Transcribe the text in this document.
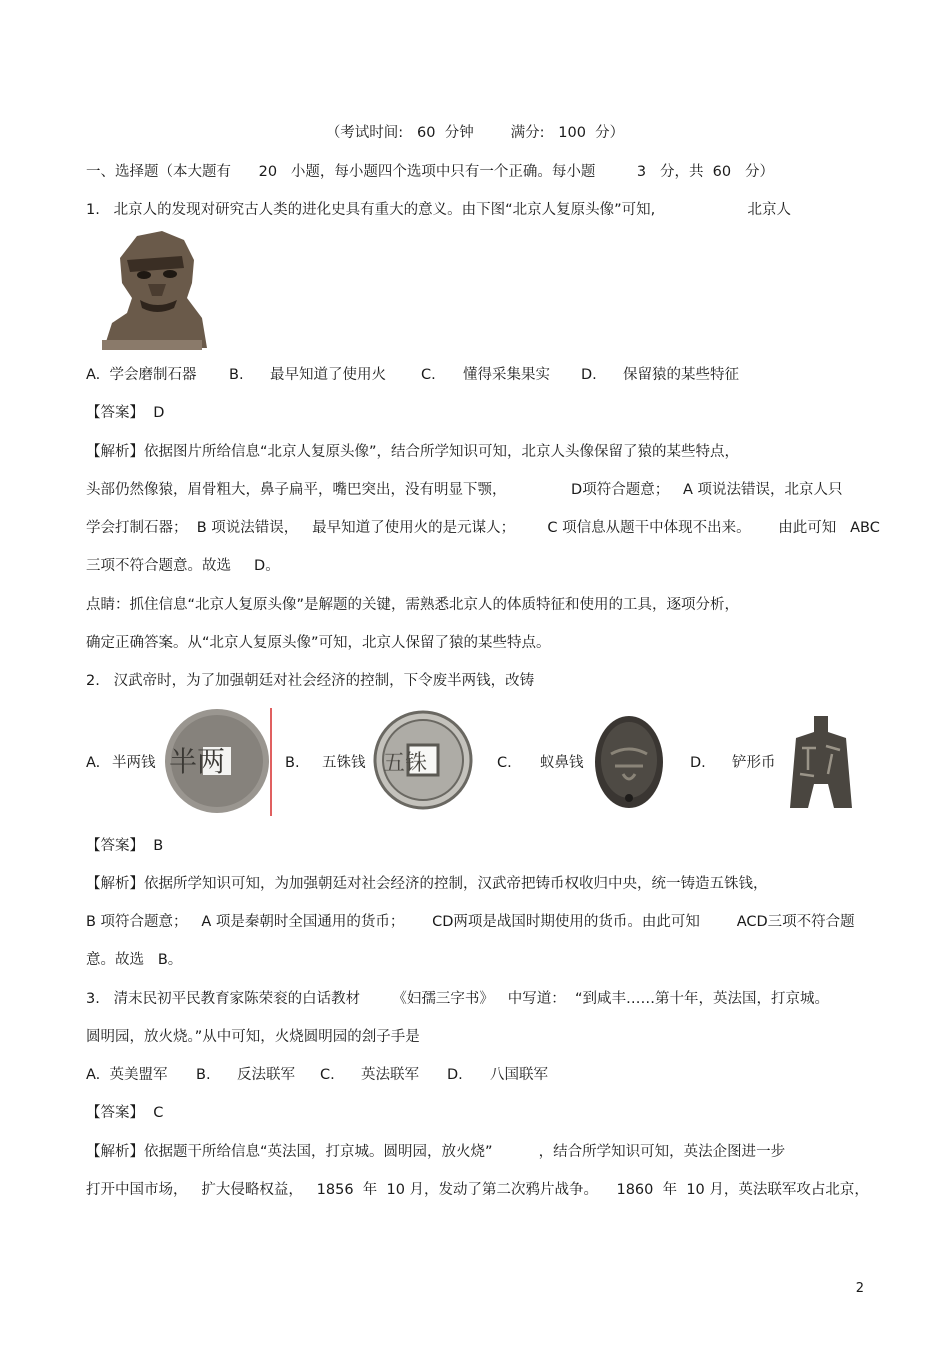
（考试时间:   60  分钟        满分:   100  分）
一、选择题（本大题有      20   小题，每小题四个选项中只有一个正确。每小题         3   分，共  60   分）
1.   北京人的发现对研究古人类的进化史具有重大的意义。由下图“北京人复原头像”可知,                    北京人
A.  学会磨制石器 B. 最早知道了使用火 C. 懂得采集果实 D. 保留猿的某些特征
【答案】  D
【解析】依据图片所给信息“北京人复原头像”，结合所学知识可知，北京人头像保留了猿的某些特点，
头部仍然像猿，眉骨粗大，鼻子扁平，嘴巴突出，没有明显下颚，              D项符合题意；   A 项说法错误，北京人只
学会打制石器；  B 项说法错误，   最早知道了使用火的是元谋人；       C 项信息从题干中体现不出来。      由此可知   ABC
三项不符合题意。故选     D。
点睛：抓住信息“北京人复原头像”是解题的关键，需熟悉北京人的体质特征和使用的工具，逐项分析，
确定正确答案。从“北京人复原头像”可知，北京人保留了猿的某些特点。
2.   汉武帝时，为了加强朝廷对社会经济的控制，下令废半两钱，改铸
A. 半两钱 半两	B. 五铢钱 五铢	C. 蚁鼻钱	D. 铲形币
【答案】  B
【解析】依据所学知识可知，为加强朝廷对社会经济的控制，汉武帝把铸币权收归中央，统一铸造五铢钱，
B 项符合题意；   A 项是秦朝时全国通用的货币；      CD两项是战国时期使用的货币。由此可知        ACD三项不符合题
意。故选   B。
3.   清末民初平民教育家陈荣衮的白话教材       《妇孺三字书》   中写道：  “到咸丰……第十年，英法国，打京城。
圆明园，放火烧。”从中可知，火烧圆明园的刽子手是
A.  英美盟军 B. 反法联军 C. 英法联军 D. 八国联军
【答案】  C
【解析】依据题干所给信息“英法国，打京城。圆明园，放火烧”          ，结合所学知识可知，英法企图进一步
打开中国市场，   扩大侵略权益，   1856  年  10 月，发动了第二次鸦片战争。    1860  年  10 月，英法联军攻占北京，
2
